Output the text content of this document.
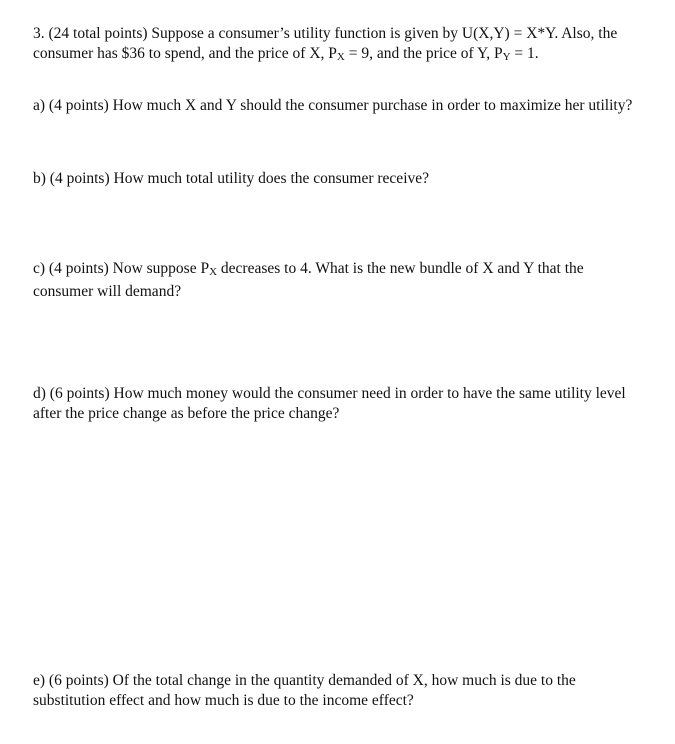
3. (24 total points) Suppose a consumer’s utility function is given by U(X,Y) = X*Y. Also, the
consumer has $36 to spend, and the price of X, PX = 9, and the price of Y, PY = 1.
a) (4 points) How much X and Y should the consumer purchase in order to maximize her utility?
b) (4 points) How much total utility does the consumer receive?
c) (4 points) Now suppose PX decreases to 4. What is the new bundle of X and Y that the
consumer will demand?
d) (6 points) How much money would the consumer need in order to have the same utility level
after the price change as before the price change?
e) (6 points) Of the total change in the quantity demanded of X, how much is due to the
substitution effect and how much is due to the income effect?
